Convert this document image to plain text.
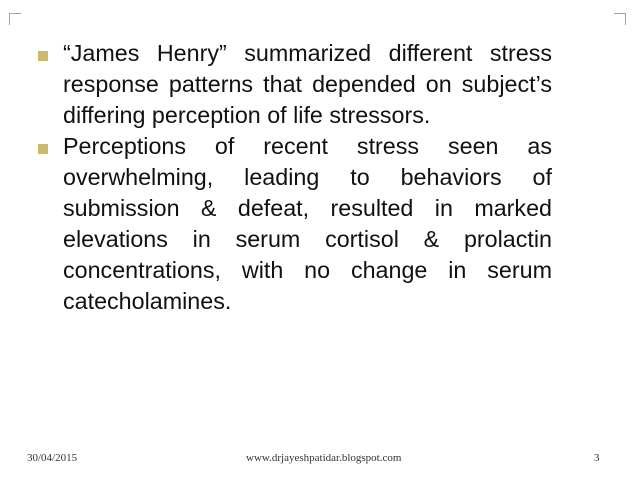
“James Henry” summarized different stress response patterns that depended on subject’s differing perception of life stressors.
Perceptions of recent stress seen as overwhelming, leading to behaviors of submission & defeat, resulted in marked elevations in serum cortisol & prolactin concentrations, with no change in serum catecholamines.
30/04/2015	www.drjayeshpatidar.blogspot.com	3
